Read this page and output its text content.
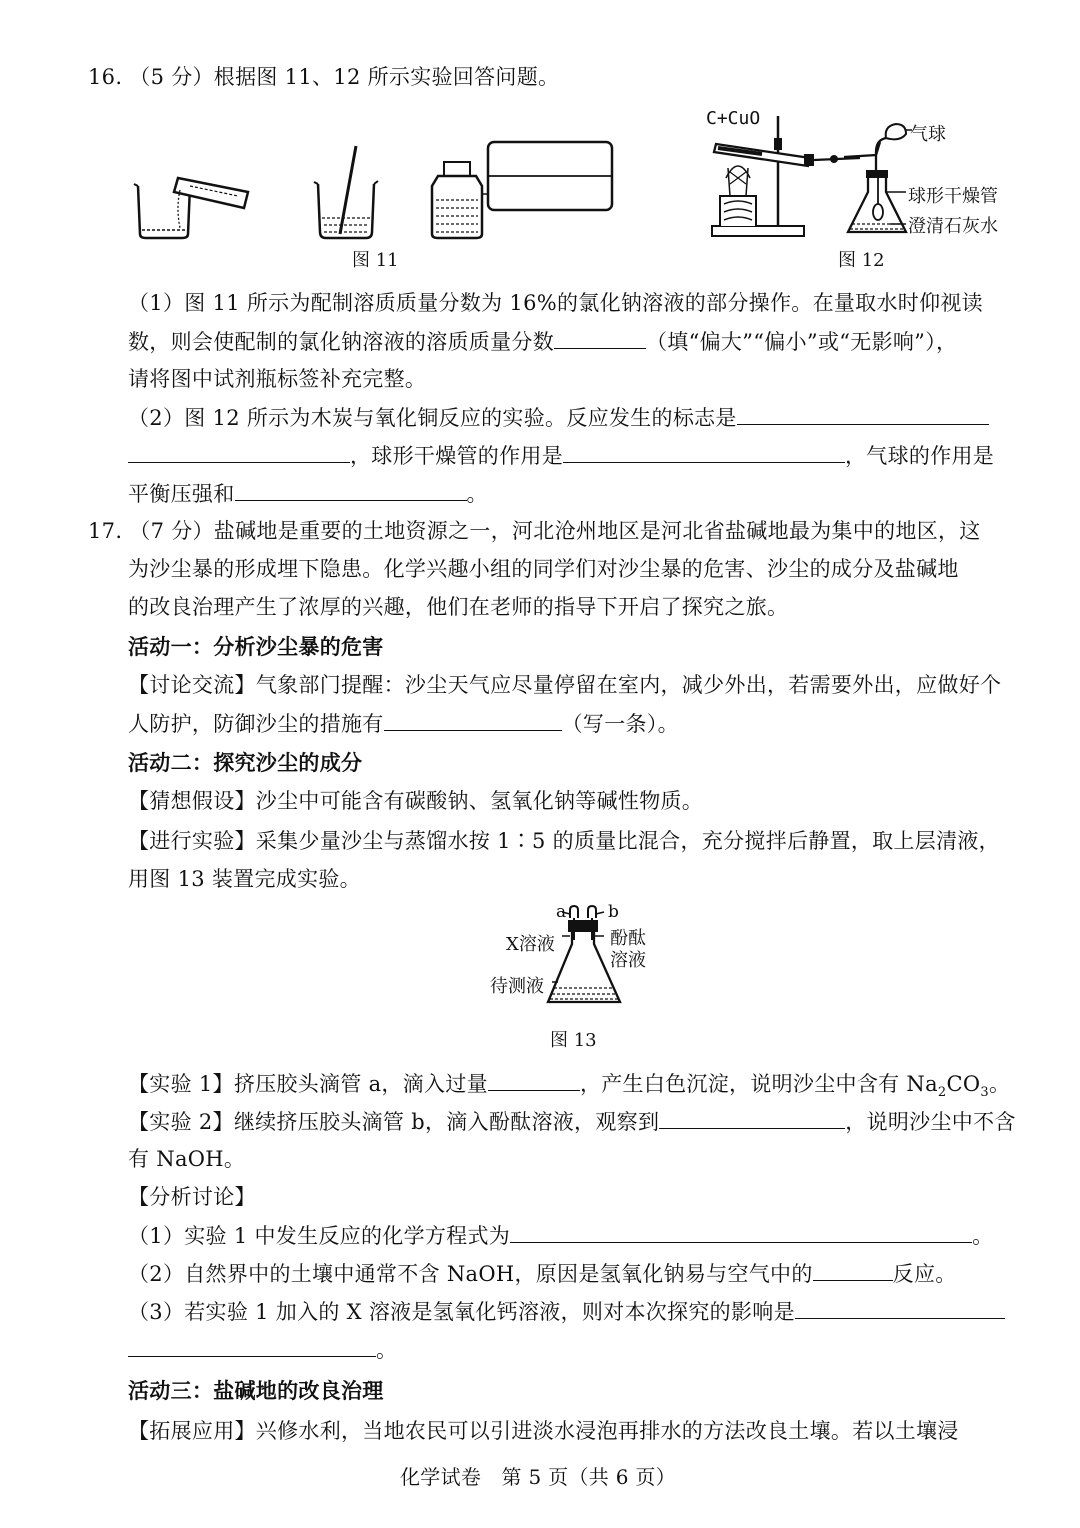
16. （5 分）根据图 11、12 所示实验回答问题。
图 11
C+CuO
气球
球形干燥管
澄清石灰水
图 12
（1）图 11 所示为配制溶质质量分数为 16%的氯化钠溶液的部分操作。在量取水时仰视读
数，则会使配制的氯化钠溶液的溶质质量分数	（填“偏大”“偏小”或“无影响”），
请将图中试剂瓶标签补充完整。
（2）图 12 所示为木炭与氧化铜反应的实验。反应发生的标志是
，球形干燥管的作用是	，气球的作用是
平衡压强和	。
17. （7 分）盐碱地是重要的土地资源之一，河北沧州地区是河北省盐碱地最为集中的地区，这
为沙尘暴的形成埋下隐患。化学兴趣小组的同学们对沙尘暴的危害、沙尘的成分及盐碱地
的改良治理产生了浓厚的兴趣，他们在老师的指导下开启了探究之旅。
活动一：分析沙尘暴的危害
【讨论交流】气象部门提醒：沙尘天气应尽量停留在室内，减少外出，若需要外出，应做好个
人防护，防御沙尘的措施有	（写一条）。
活动二：探究沙尘的成分
【猜想假设】沙尘中可能含有碳酸钠、氢氧化钠等碱性物质。
【进行实验】采集少量沙尘与蒸馏水按 1∶5 的质量比混合，充分搅拌后静置，取上层清液，
用图 13 装置完成实验。
a b
X溶液	酚酞
溶液
待测液
图 13
【实验 1】挤压胶头滴管 a，滴入过量	，产生白色沉淀，说明沙尘中含有 $Na_2CO_3$。
【实验 2】继续挤压胶头滴管 b，滴入酚酞溶液，观察到	，说明沙尘中不含
有 NaOH。
【分析讨论】
（1）实验 1 中发生反应的化学方程式为	。
（2）自然界中的土壤中通常不含 NaOH，原因是氢氧化钠易与空气中的	反应。
（3）若实验 1 加入的 X 溶液是氢氧化钙溶液，则对本次探究的影响是
。
活动三：盐碱地的改良治理
【拓展应用】兴修水利，当地农民可以引进淡水浸泡再排水的方法改良土壤。若以土壤浸
化学试卷　第 5 页（共 6 页）
